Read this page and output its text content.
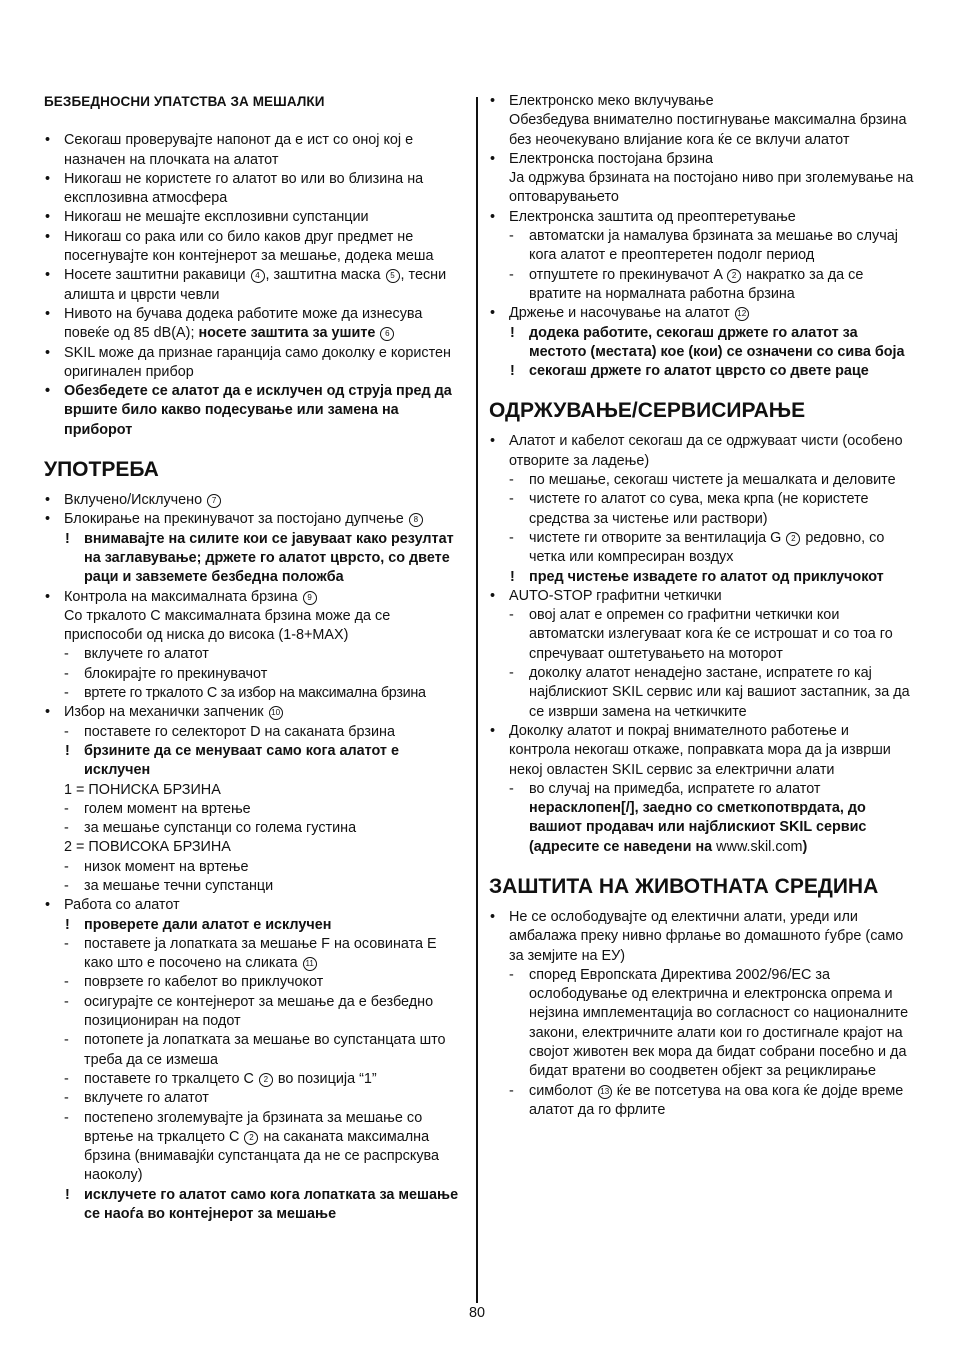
БЕЗБЕДНОСНИ УПАТСТВА ЗА МЕШАЛКИ
• Секогаш проверувајте напонот да е ист со оној кој е назначен на плочката на алатот
• Никогаш не користете го алатот во или во близина на експлозивна атмосфера
• Никогаш не мешајте експлозивни супстанции
• Никогаш со рака или со било каков друг предмет не посегнувајте кон контејнерот за мешање, додека меша
• Носете заштитни ракавици 4 , заштитна маска 5 , тесни алишта и цврсти чевли
• Нивото на бучава додека работите може да изнесува повеќе од 85 dB(A); носете заштита за ушите 6
• SKIL може да признае гаранција само доколку е користен оригинален прибор
• Обезбедете се алатот да е исклучен од струја пред да вршите било какво подесување или замена на приборот
УПОТРЕБА
• Вклучено/Исклучено 7
• Блокирање на прекинувачот за постојано дупчење 8
! внимавајте на силите кои се јавуваат како резултат на заглавување; држете го алатот цврсто, со двете раци и завземете безбедна положба
• Контрола на максималната брзина 9
Со тркалото C максималната брзина може да се приспособи од ниска до висока (1-8+MAX)
- вклучете го алатот
- блокирајте го прекинувачот
- вртете го тркалото C за избор на максимална брзина
• Избор на механички запченик 10
- поставете го селекторот D на саканата брзина
! брзините да се менуваат само кога алатот е исклучен
1 = ПОНИСКА БРЗИНА
- голем момент на вртење
- за мешање супстанци со голема густина
2 = ПОВИСОКА БРЗИНА
- низок момент на вртење
- за мешање течни супстанци
• Работа со алатот
! проверете дали алатот е исклучен
- поставете ја лопатката за мешање F на осовината E како што е посочено на сликата 11
- поврзете го кабелот во приклучокот
- осигурајте се контејнерот за мешање да е безбедно позициониран на подот
- потопете ја лопатката за мешање во супстанцата што треба да се измеша
- поставете го тркалцето C 2 во позиција “1”
- вклучете го алатот
- постепено зголемувајте ја брзината за мешање со вртење на тркалцето C 2 на саканата максимална брзина (внимавајќи супстанцата да не се распрскува наоколу)
! исклучете го алатот само кога лопатката за мешање се наоѓа во контејнерот за мешање
• Електронско меко вклучување
Обезбедува внимателно постигнување максимална брзина без неочекувано влијание кога ќе се вклучи алатот
• Електронска постојана брзина
Ја одржува брзината на постојано ниво при зголемување на оптоварувањето
• Електронска заштита од преоптеретување
- автоматски ја намалува брзината за мешање во случај кога алатот е преоптеретен подолг период
- отпуштете го прекинувачот A 2 накратко за да се вратите на нормалната работна брзина
• Држење и насочување на алатот 12
! додека работите, секогаш држете го алатот за местото (местата) кое (кои) се означени со сива боја
! секогаш држете го алатот цврсто со двете раце
ОДРЖУВАЊЕ/СЕРВИСИРАЊЕ
• Алатот и кабелот секогаш да се одржуваат чисти (особено отворите за ладење)
- по мешање, секогаш чистете ја мешалката и деловите
- чистете го алатот со сува, мека крпа (не користете средства за чистење или раствори)
- чистете ги отворите за вентилација G 2 редовно, со четка или компресиран воздух
! пред чистење извадете го алатот од приклучокот
• AUTO-STOP графитни четкички
- овој алат е опремен со графитни четкички кои автоматски излегуваат кога ќе се истрошат и со тоа го спречуваат оштетувањето на моторот
- доколку алатот ненадејно застане, испратете го кај најблискиот SKIL сервис или кај вашиот застапник, за да се изврши замена на четкичките
• Доколку алатот и покрај внимателното работење и контрола некогаш откаже, поправката мора да ја изврши некој овластен SKIL сервис за електрични алати
- во случај на примедба, испратете го алатот нерасклопен[/], заедно со сметкопотврдата, до вашиот продавач или најблискиот SKIL сервис (адресите се наведени на www.skil.com)
ЗАШТИТА НА ЖИВОТНАТА СРЕДИНА
• Не се ослободувајте од електични алати, уреди или амбалажа преку нивно фрлање во домашното ѓубре (само за земјите на ЕУ)
- според Европската Директива 2002/96/EC за ослободување од електрична и електронска опрема и нејзина имплементација во согласност со националните закони, електричните алати кои го достигнале крајот на својот животен век мора да бидат собрани посебно и да бидат вратени во соодветен објект за рециклирање
- симболот 13 ќе ве потсетува на ова кога ќе дојде време алатот да го фрлите
80
